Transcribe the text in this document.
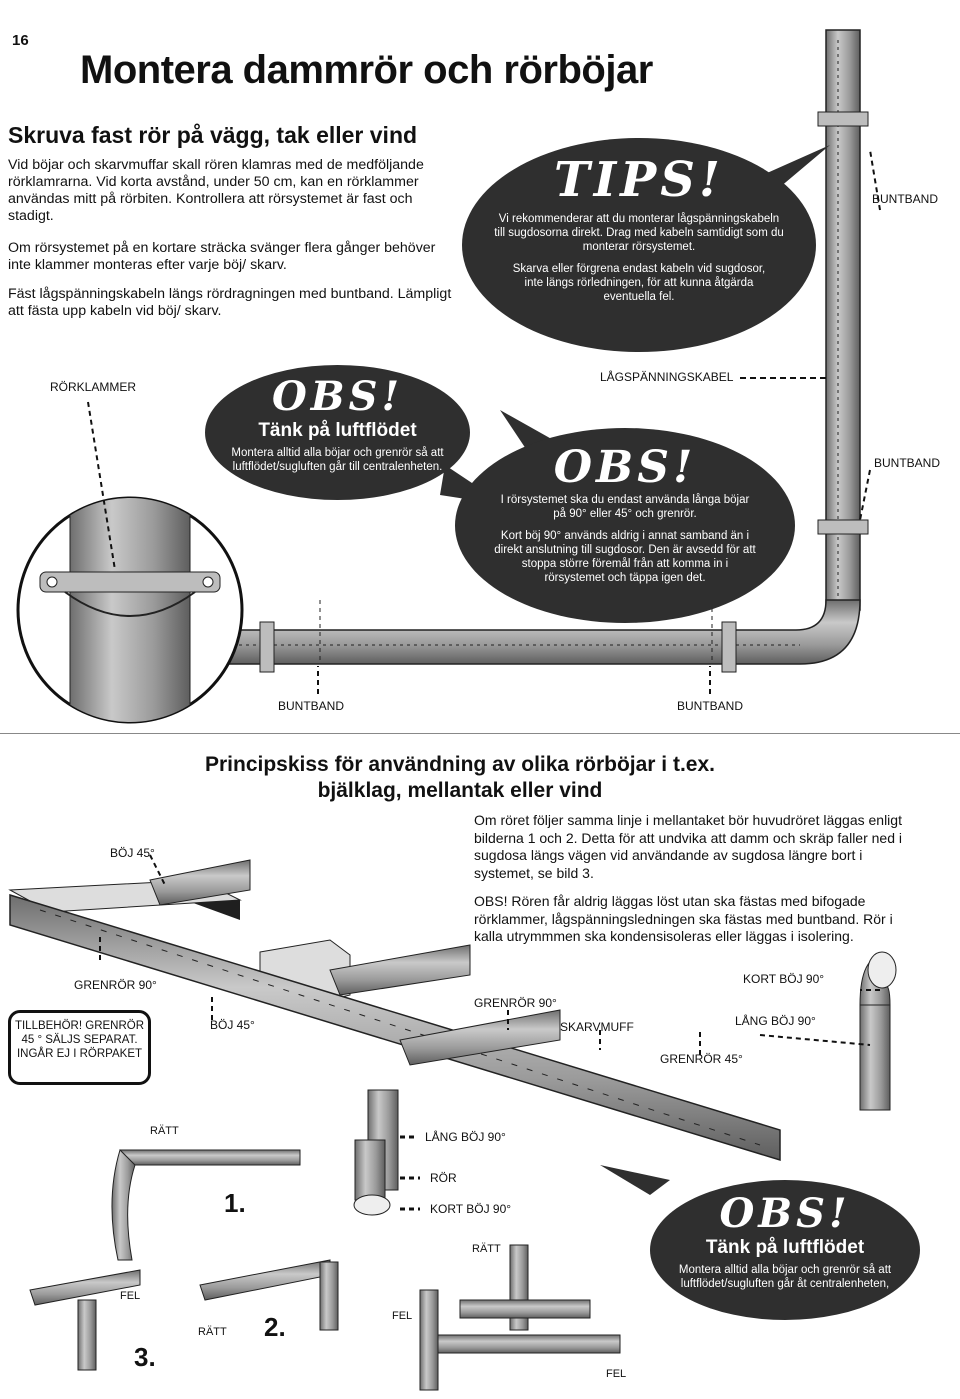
16
Montera dammrör och rörböjar
Skruva fast rör på vägg, tak eller vind
Vid böjar och skarvmuffar skall rören klamras med de medföljande rörklamrarna. Vid korta avstånd, under 50 cm, kan en rörklammer användas mitt på rörbiten. Kontrollera att rörsystemet är fast och stadigt.
Om rörsystemet på en kortare sträcka svänger flera gånger behöver inte klammer monteras efter varje böj/ skarv.
Fäst lågspänningskabeln längs rördragningen med buntband. Lämpligt att fästa upp kabeln vid böj/ skarv.
RÖRKLAMMER
LÅGSPÄNNINGSKABEL
BUNTBAND
BUNTBAND
BUNTBAND	BUNTBAND
TIPS!
Vi rekommenderar att du monterar lågspänningskabeln till sugdosorna direkt. Drag med kabeln samtidigt som du monterar rörsystemet.
Skarva eller förgrena endast kabeln vid sugdosor, inte längs rörledningen, för att kunna åtgärda eventuella fel.
OBS!
Tänk på luftflödet
Montera alltid alla böjar och grenrör så att luftflödet/sugluften går till centralenheten.	OBS!
I rörsystemet ska du endast använda långa böjar på 90° eller 45° och grenrör.
Kort böj 90° används aldrig i annat samband än i direkt anslutning till sugdosor. Den är avsedd för att stoppa större föremål från att komma in i rörsystemet och täppa igen det.
Principskiss för användning av olika rörböjar i t.ex.
bjälklag, mellantak eller vind
Om röret följer samma linje i mellantaket bör huvudröret läggas enligt bilderna 1 och 2. Detta för att undvika att damm och skräp faller ned i sugdosa längs vägen vid användande av sugdosa längre bort i systemet, se bild 3.
OBS! Rören får aldrig läggas löst utan ska fästas med bifogade rörklammer, lågspänningsledningen ska fästas med buntband. Rör i kalla utrymmmen ska kondensisoleras eller läggas i isolering.
TILLBEHÖR! GRENRÖR 45 ° SÄLJS SEPARAT. INGÅR EJ I RÖRPAKET
BÖJ 45°
GRENRÖR 90°
BÖJ 45°
GRENRÖR 90°
SKARVMUFF
GRENRÖR 45°
KORT BÖJ 90°
LÅNG BÖJ 90°
LÅNG BÖJ 90°
RÖR
KORT BÖJ 90°
RÄTT
RÄTT
RÄTT
FEL
FEL
FEL
1.
2.
3.
OBS!
Tänk på luftflödet
Montera alltid alla böjar och grenrör så att luftflödet/sugluften går åt centralenheten,
